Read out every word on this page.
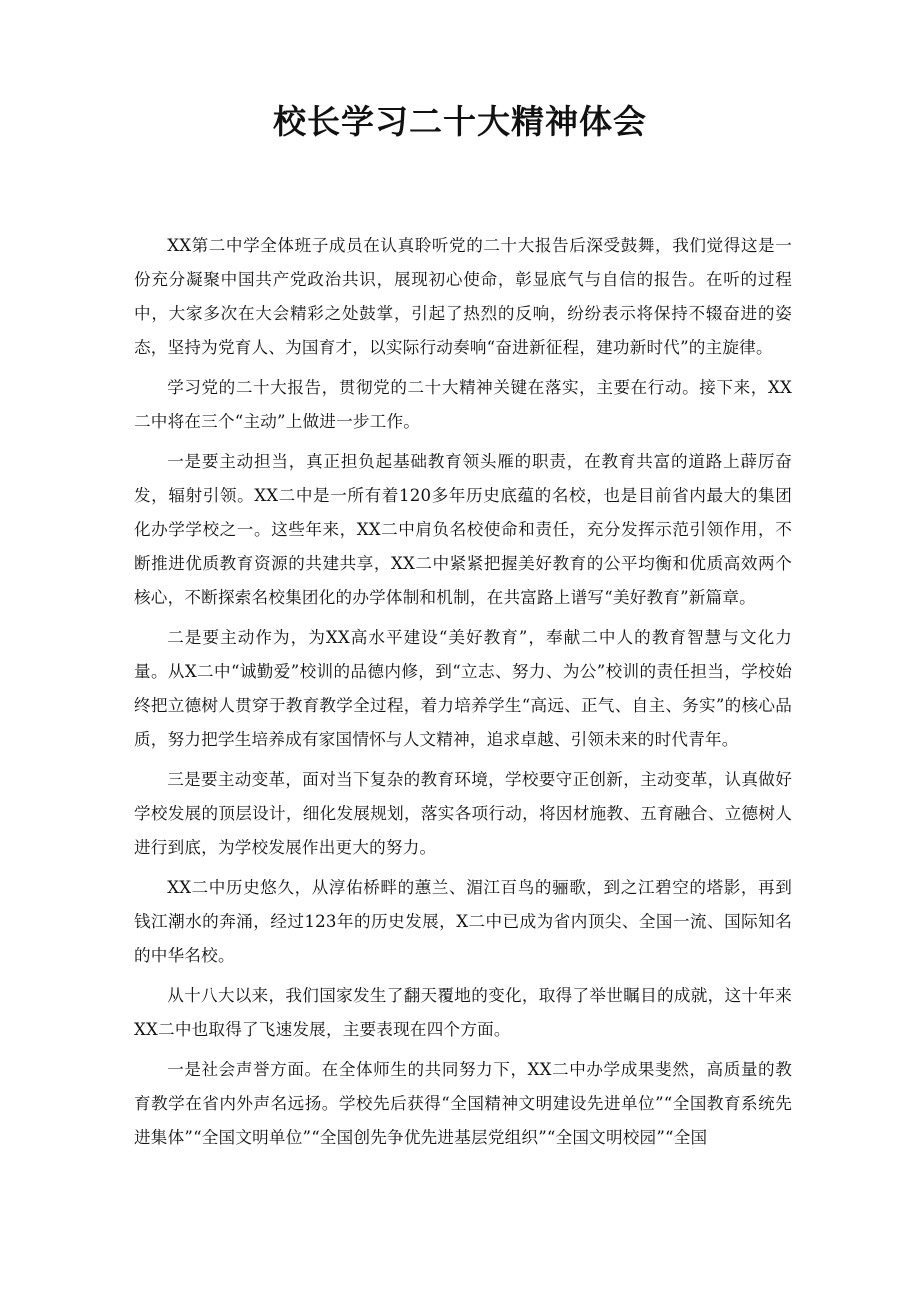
校长学习二十大精神体会

XX第二中学全体班子成员在认真聆听党的二十大报告后深受鼓舞，我们觉得这是一份充分凝聚中国共产党政治共识，展现初心使命，彰显底气与自信的报告。在听的过程中，大家多次在大会精彩之处鼓掌，引起了热烈的反响，纷纷表示将保持不辍奋进的姿态，坚持为党育人、为国育才，以实际行动奏响“奋进新征程，建功新时代”的主旋律。

学习党的二十大报告，贯彻党的二十大精神关键在落实，主要在行动。接下来，XX二中将在三个“主动”上做进一步工作。

一是要主动担当，真正担负起基础教育领头雁的职责，在教育共富的道路上薜厉奋发，辐射引领。XX二中是一所有着120多年历史底蕴的名校，也是目前省内最大的集团化办学学校之一。这些年来，XX二中肩负名校使命和责任，充分发挥示范引领作用，不断推进优质教育资源的共建共享，XX二中紧紧把握美好教育的公平均衡和优质高效两个核心，不断探索名校集团化的办学体制和机制，在共富路上谱写“美好教育”新篇章。

二是要主动作为，为XX高水平建设“美好教育”，奉献二中人的教育智慧与文化力量。从X二中“诚勤爱”校训的品德内修，到“立志、努力、为公”校训的责任担当，学校始终把立德树人贯穿于教育教学全过程，着力培养学生“高远、正气、自主、务实”的核心品质，努力把学生培养成有家国情怀与人文精神，追求卓越、引领未来的时代青年。

三是要主动变革，面对当下复杂的教育环境，学校要守正创新，主动变革，认真做好学校发展的顶层设计，细化发展规划，落实各项行动，将因材施教、五育融合、立德树人进行到底，为学校发展作出更大的努力。

XX二中历史悠久，从淳佑桥畔的蕙兰、湄江百鸟的骊歌，到之江碧空的塔影，再到钱江潮水的奔涌，经过123年的历史发展，X二中已成为省内顶尖、全国一流、国际知名的中华名校。

从十八大以来，我们国家发生了翻天覆地的变化，取得了举世瞩目的成就，这十年来XX二中也取得了飞速发展，主要表现在四个方面。

一是社会声誉方面。在全体师生的共同努力下，XX二中办学成果斐然，高质量的教育教学在省内外声名远扬。学校先后获得“全国精神文明建设先进单位”“全国教育系统先进集体”“全国文明单位”“全国创先争优先进基层党组织”“全国文明校园”“全国
